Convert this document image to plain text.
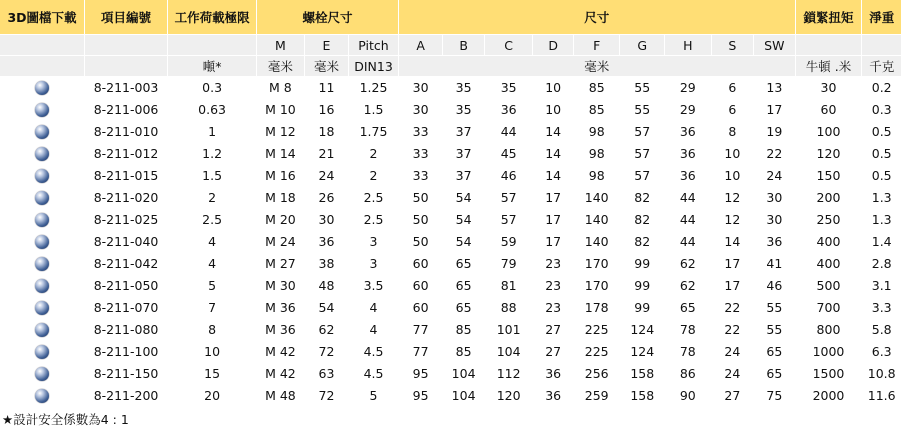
3D圖檔下載	項目編號	工作荷載極限	螺栓尺寸			尺寸									鎖緊扭矩	淨重
			M	E	Pitch	A	B	C	D	F	G	H	S	SW		
		噸*	毫米	毫米	DIN13	毫米									牛頓 .米	千克
	8-211-003	0.3	M 8	11	1.25	30	35	35	10	85	55	29	6	13	30	0.2
	8-211-006	0.63	M 10	16	1.5	30	35	36	10	85	55	29	6	17	60	0.3
	8-211-010	1	M 12	18	1.75	33	37	44	14	98	57	36	8	19	100	0.5
	8-211-012	1.2	M 14	21	2	33	37	45	14	98	57	36	10	22	120	0.5
	8-211-015	1.5	M 16	24	2	33	37	46	14	98	57	36	10	24	150	0.5
	8-211-020	2	M 18	26	2.5	50	54	57	17	140	82	44	12	30	200	1.3
	8-211-025	2.5	M 20	30	2.5	50	54	57	17	140	82	44	12	30	250	1.3
	8-211-040	4	M 24	36	3	50	54	59	17	140	82	44	14	36	400	1.4
	8-211-042	4	M 27	38	3	60	65	79	23	170	99	62	17	41	400	2.8
	8-211-050	5	M 30	48	3.5	60	65	81	23	170	99	62	17	46	500	3.1
	8-211-070	7	M 36	54	4	60	65	88	23	178	99	65	22	55	700	3.3
	8-211-080	8	M 36	62	4	77	85	101	27	225	124	78	22	55	800	5.8
	8-211-100	10	M 42	72	4.5	77	85	104	27	225	124	78	24	65	1000	6.3
	8-211-150	15	M 42	63	4.5	95	104	112	36	256	158	86	24	65	1500	10.8
	8-211-200	20	M 48	72	5	95	104	120	36	259	158	90	27	75	2000	11.6
★設計安全係數為4 : 1
